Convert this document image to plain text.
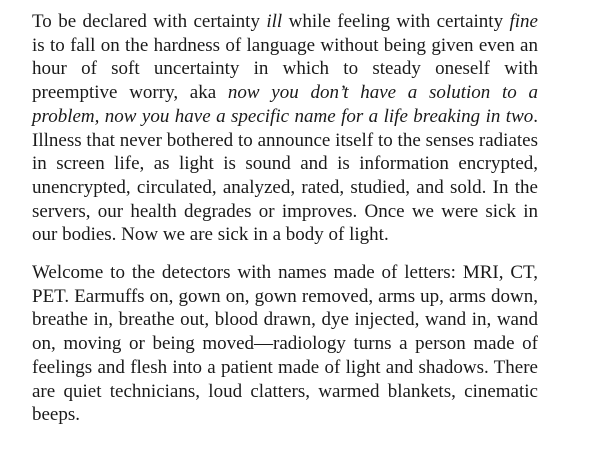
To be declared with certainty ill while feeling with certainty fine is to fall on the hardness of language without being given even an hour of soft uncertainty in which to steady oneself with preemptive worry, aka now you don’t have a solution to a problem, now you have a specific name for a life breaking in two. Illness that never bothered to announce itself to the senses radiates in screen life, as light is sound and is information encrypted, unencrypted, circulated, analyzed, rated, studied, and sold. In the servers, our health degrades or improves. Once we were sick in our bodies. Now we are sick in a body of light.

Welcome to the detectors with names made of letters: MRI, CT, PET. Earmuffs on, gown on, gown removed, arms up, arms down, breathe in, breathe out, blood drawn, dye injected, wand in, wand on, moving or being moved—radiology turns a person made of feelings and flesh into a patient made of light and shadows. There are quiet technicians, loud clatters, warmed blankets, cinematic beeps.
